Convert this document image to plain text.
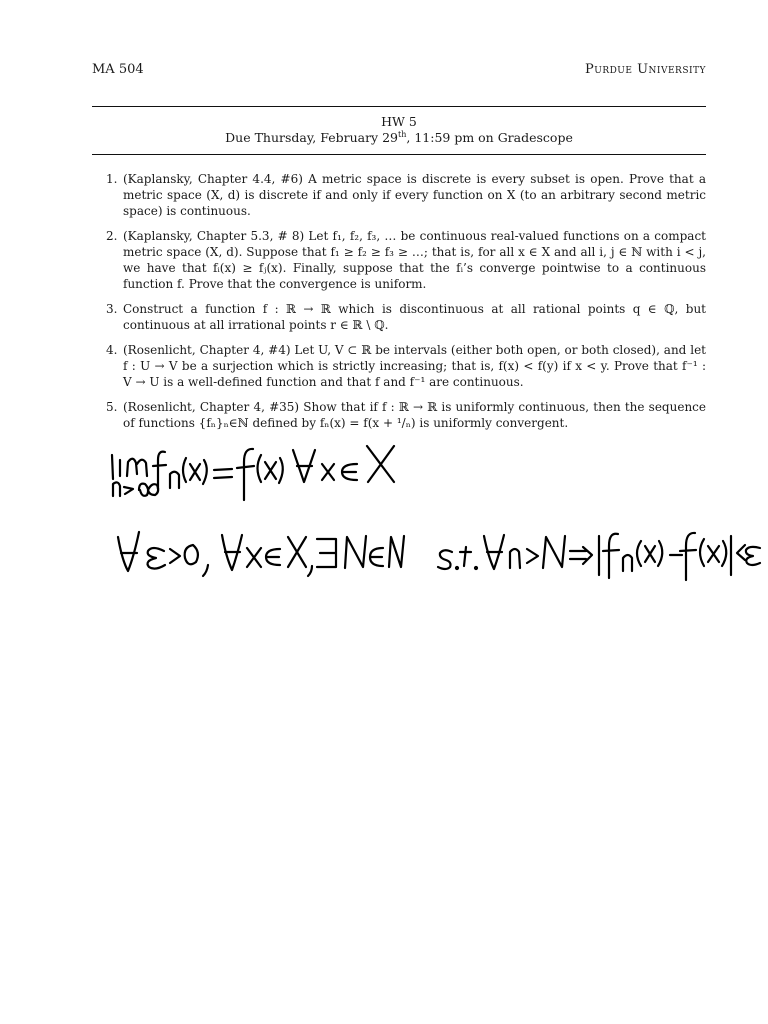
MA 504	Purdue University
HW 5
Due Thursday, February 29th, 11:59 pm on Gradescope
1. (Kaplansky, Chapter 4.4, #6) A metric space is discrete is every subset is open. Prove that a metric space (X, d) is discrete if and only if every function on X (to an arbitrary second metric space) is continuous.
2. (Kaplansky, Chapter 5.3, # 8) Let f₁, f₂, f₃, … be continuous real-valued functions on a compact metric space (X, d). Suppose that f₁ ≥ f₂ ≥ f₃ ≥ …; that is, for all x ∈ X and all i, j ∈ ℕ with i < j, we have that fᵢ(x) ≥ fⱼ(x). Finally, suppose that the fᵢ’s converge pointwise to a continuous function f. Prove that the convergence is uniform.
3. Construct a function f : ℝ → ℝ which is discontinuous at all rational points q ∈ ℚ, but continuous at all irrational points r ∈ ℝ \ ℚ.
4. (Rosenlicht, Chapter 4, #4) Let U, V ⊂ ℝ be intervals (either both open, or both closed), and let f : U → V be a surjection which is strictly increasing; that is, f(x) < f(y) if x < y. Prove that f⁻¹ : V → U is a well-defined function and that f and f⁻¹ are continuous.
5. (Rosenlicht, Chapter 4, #35) Show that if f : ℝ → ℝ is uniformly continuous, then the sequence of functions {fₙ}ₙ∈ℕ defined by fₙ(x) = f(x + ¹/ₙ) is uniformly convergent.
